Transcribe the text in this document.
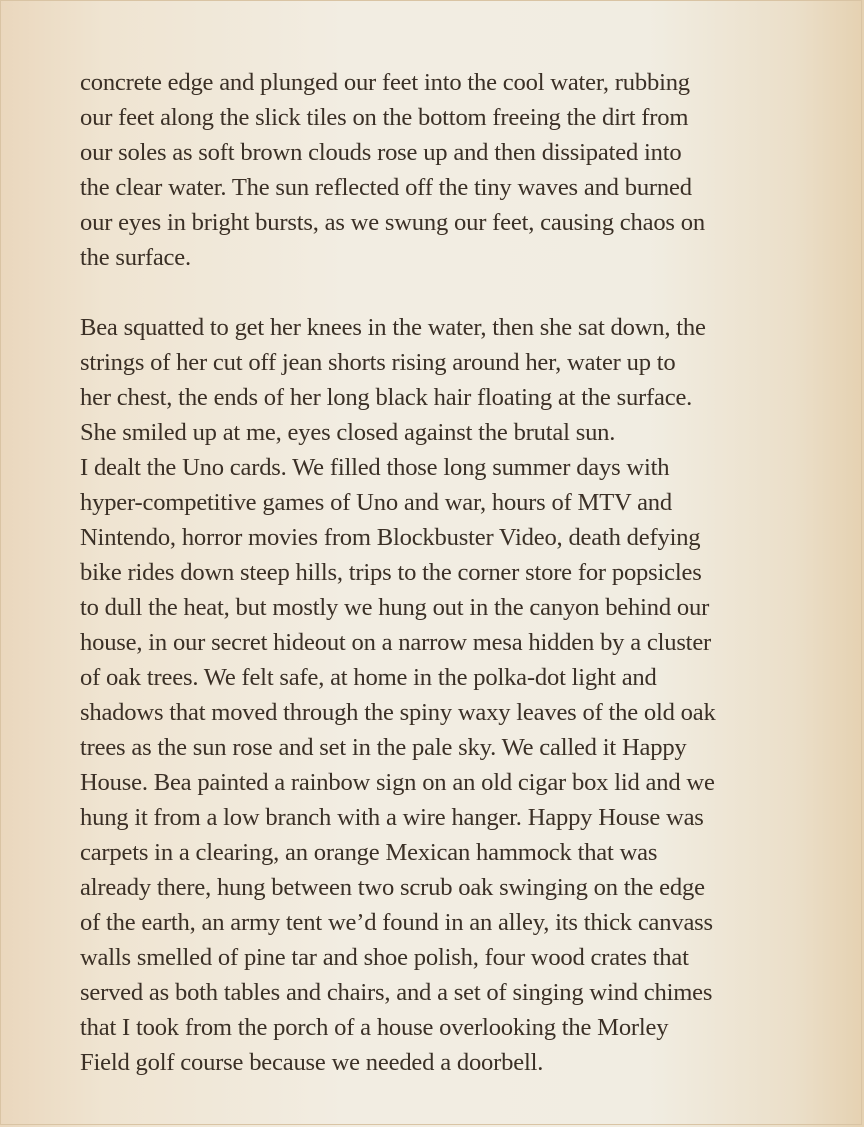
concrete edge and plunged our feet into the cool water, rubbing
our feet along the slick tiles on the bottom freeing the dirt from
our soles as soft brown clouds rose up and then dissipated into
the clear water. The sun reflected off the tiny waves and burned
our eyes in bright bursts, as we swung our feet, causing chaos on
the surface.
Bea squatted to get her knees in the water, then she sat down, the
strings of her cut off jean shorts rising around her, water up to
her chest, the ends of her long black hair floating at the surface.
She smiled up at me, eyes closed against the brutal sun.
I dealt the Uno cards. We filled those long summer days with
hyper-competitive games of Uno and war, hours of MTV and
Nintendo, horror movies from Blockbuster Video, death defying
bike rides down steep hills, trips to the corner store for popsicles
to dull the heat, but mostly we hung out in the canyon behind our
house, in our secret hideout on a narrow mesa hidden by a cluster
of oak trees. We felt safe, at home in the polka-dot light and
shadows that moved through the spiny waxy leaves of the old oak
trees as the sun rose and set in the pale sky. We called it Happy
House. Bea painted a rainbow sign on an old cigar box lid and we
hung it from a low branch with a wire hanger. Happy House was
carpets in a clearing, an orange Mexican hammock that was
already there, hung between two scrub oak swinging on the edge
of the earth, an army tent we’d found in an alley, its thick canvass
walls smelled of pine tar and shoe polish, four wood crates that
served as both tables and chairs, and a set of singing wind chimes
that I took from the porch of a house overlooking the Morley
Field golf course because we needed a doorbell.
